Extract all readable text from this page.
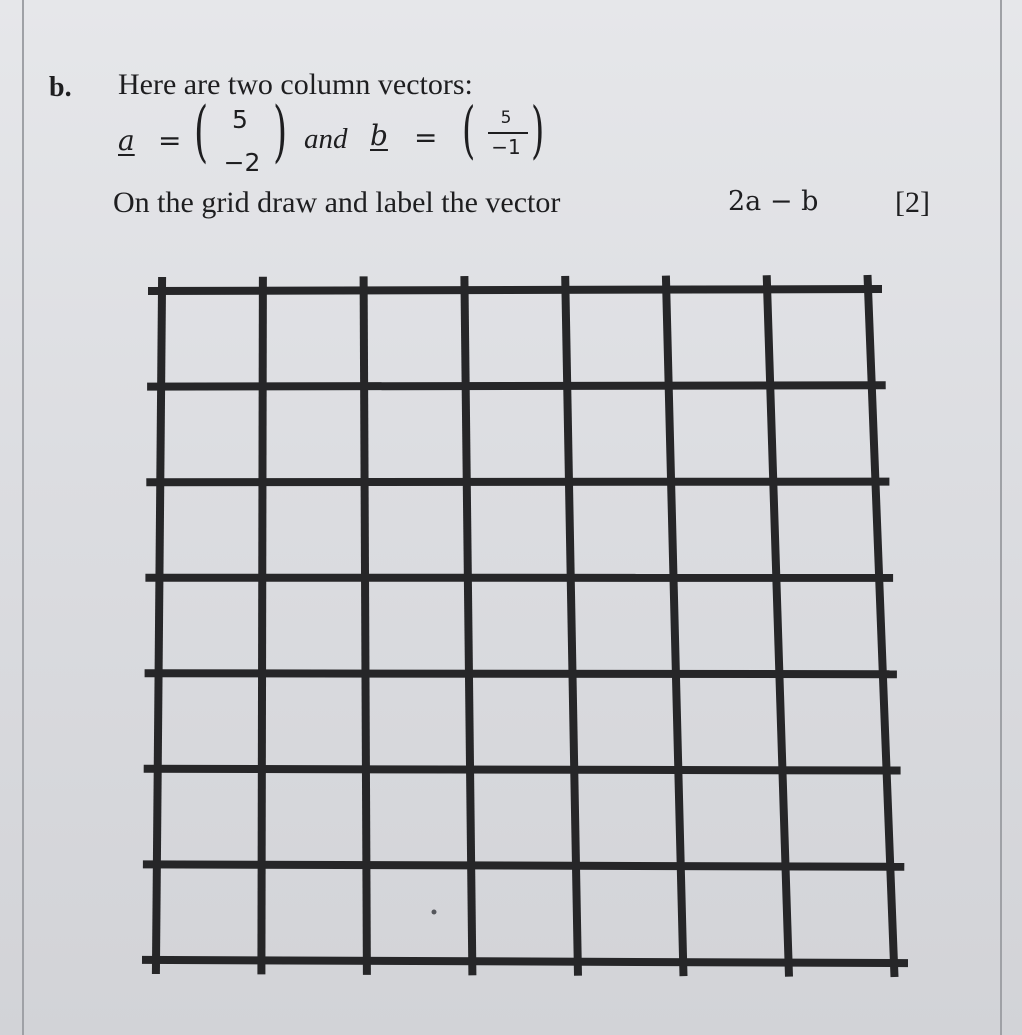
b. Here are two column vectors:
a = ( 5
−2 ) and b = (	5
−1 )
On the grid draw and label the vector	2a − b	[2]
